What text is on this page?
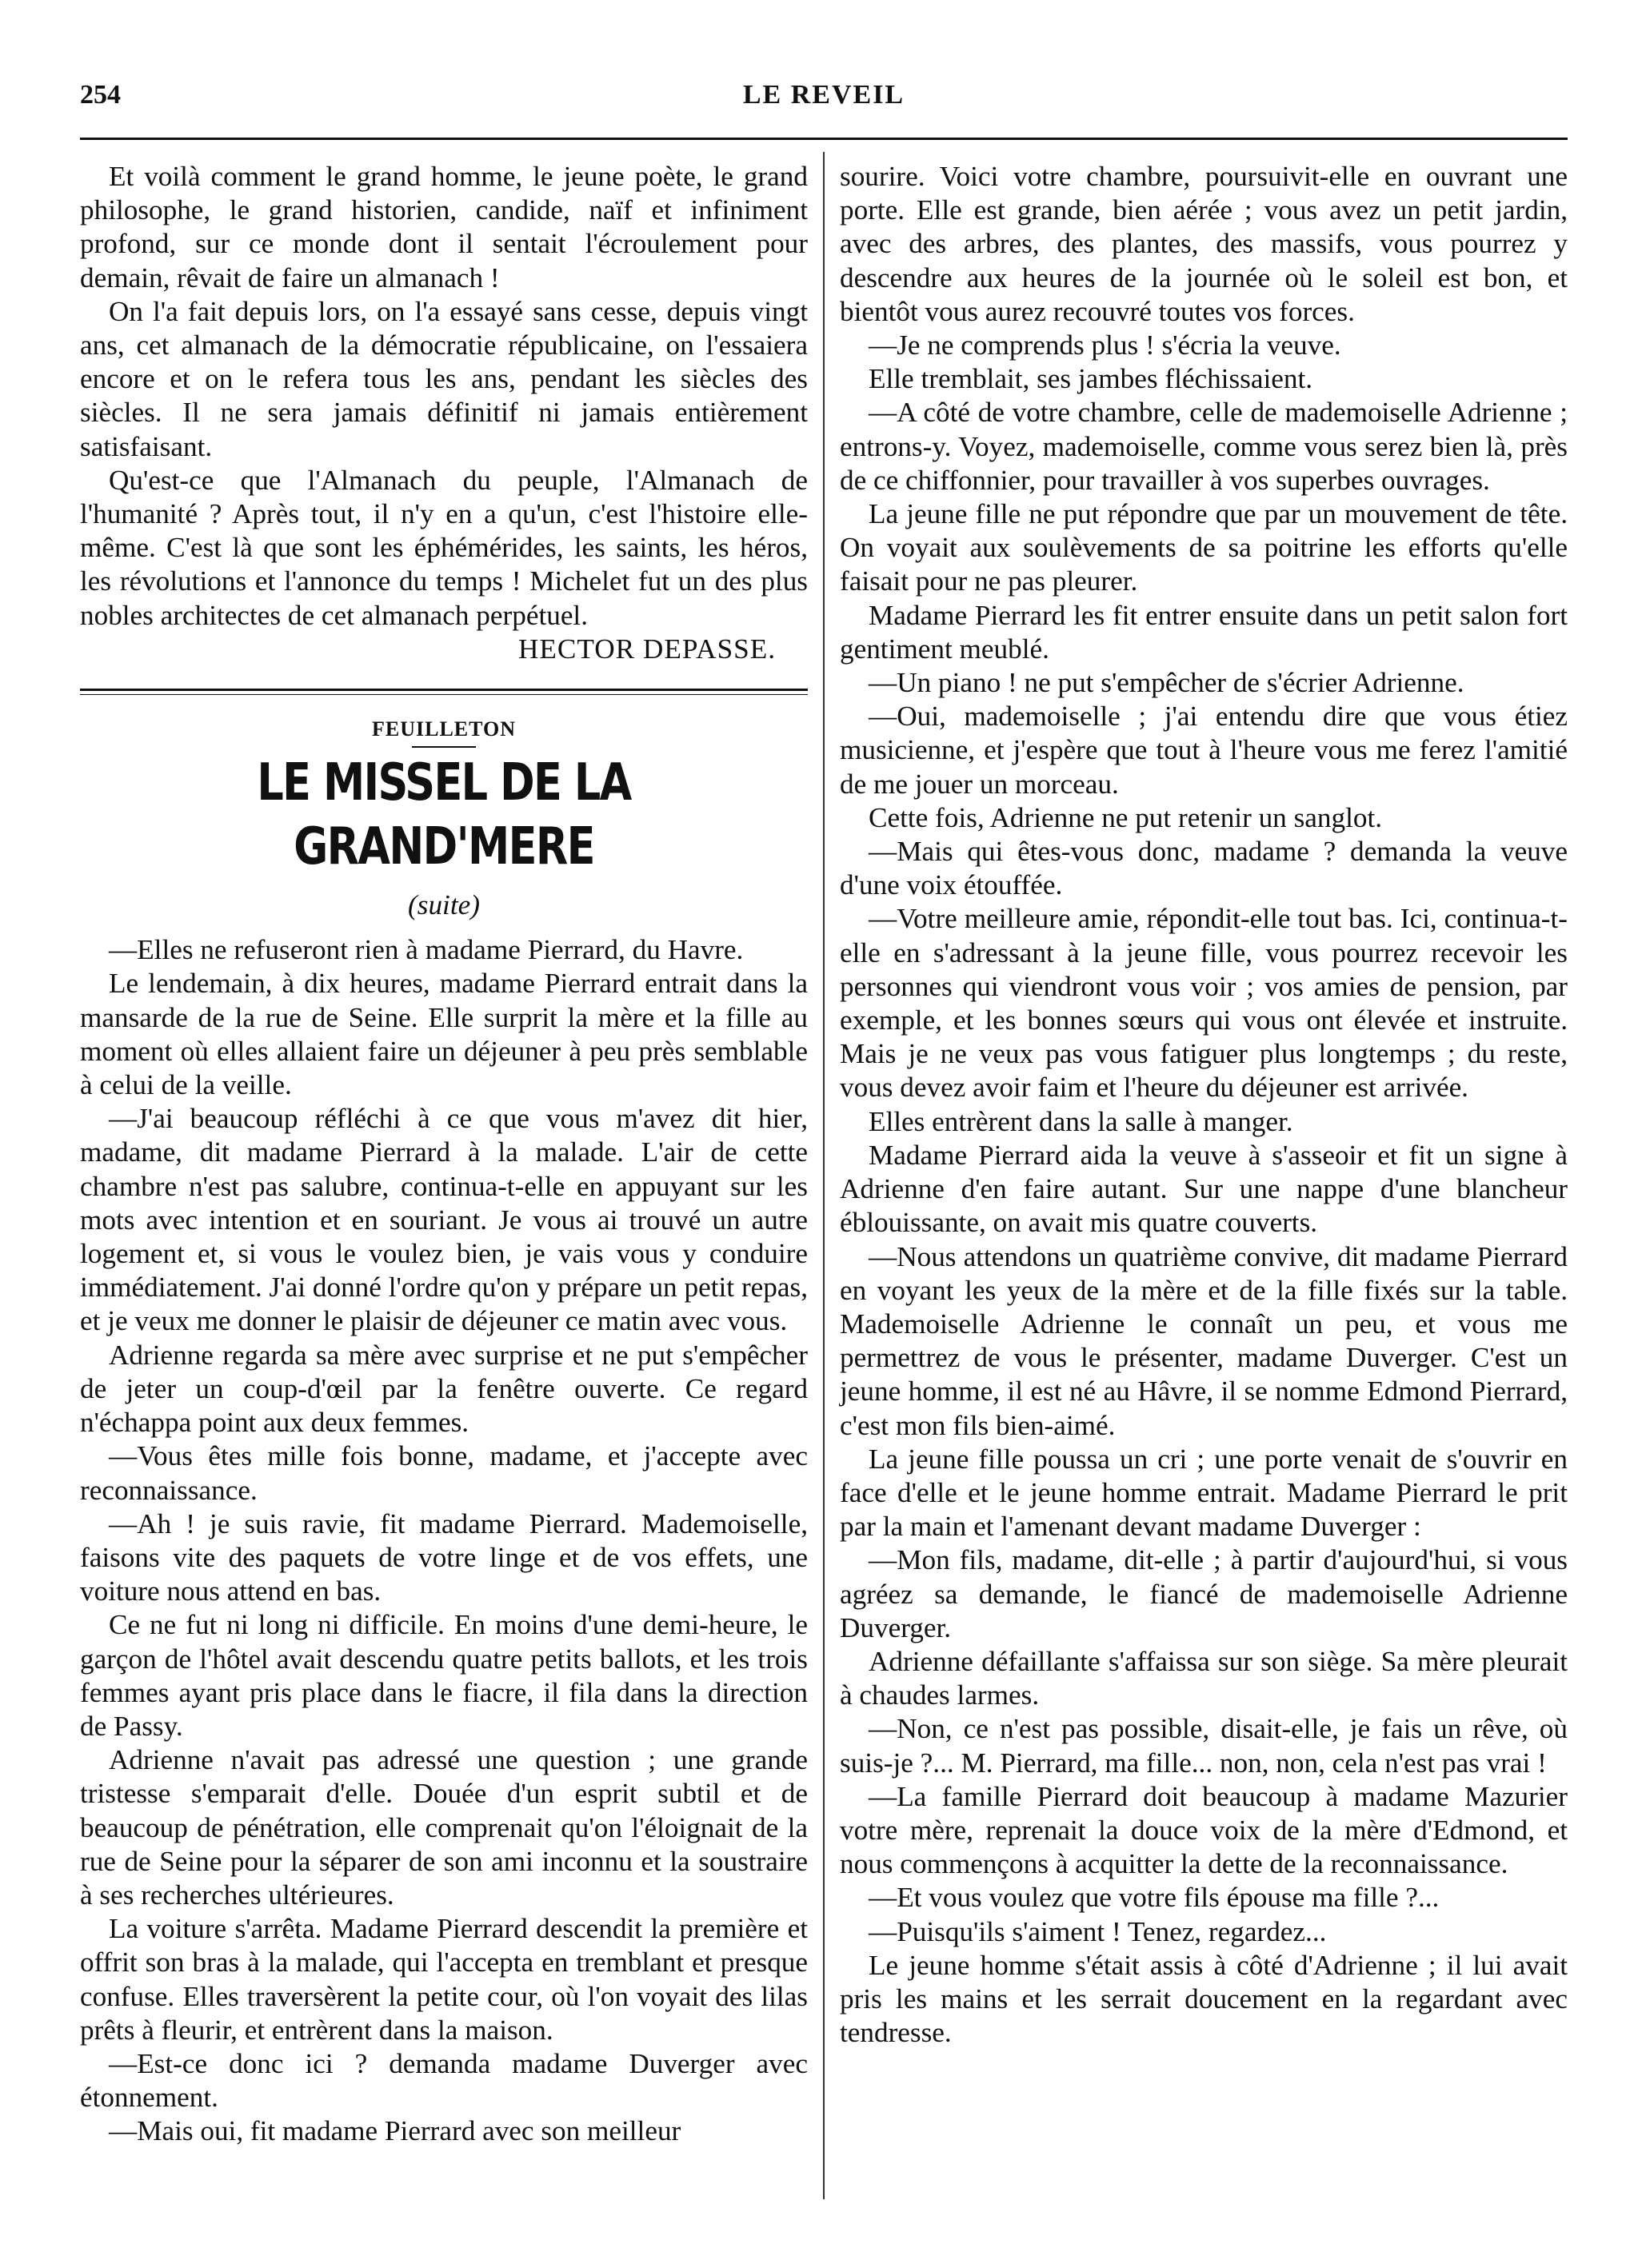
254	LE REVEIL

Et voilà comment le grand homme, le jeune poète, le grand philosophe, le grand historien, candide, naïf et infiniment profond, sur ce monde dont il sentait l'écroulement pour demain, rêvait de faire un almanach !

On l'a fait depuis lors, on l'a essayé sans cesse, depuis vingt ans, cet almanach de la démocratie républicaine, on l'essaiera encore et on le refera tous les ans, pendant les siècles des siècles. Il ne sera jamais définitif ni jamais entièrement satisfaisant.

Qu'est-ce que l'Almanach du peuple, l'Almanach de l'humanité ? Après tout, il n'y en a qu'un, c'est l'histoire elle-même. C'est là que sont les éphémérides, les saints, les héros, les révolutions et l'annonce du temps ! Michelet fut un des plus nobles architectes de cet almanach perpétuel.

HECTOR DEPASSE.

FEUILLETON
LE MISSEL DE LA GRAND'MERE
(suite)

—Elles ne refuseront rien à madame Pierrard, du Havre.

Le lendemain, à dix heures, madame Pierrard entrait dans la mansarde de la rue de Seine. Elle surprit la mère et la fille au moment où elles allaient faire un déjeuner à peu près semblable à celui de la veille.

—J'ai beaucoup réfléchi à ce que vous m'avez dit hier, madame, dit madame Pierrard à la malade. L'air de cette chambre n'est pas salubre, continua-t-elle en appuyant sur les mots avec intention et en souriant. Je vous ai trouvé un autre logement et, si vous le voulez bien, je vais vous y conduire immédiatement. J'ai donné l'ordre qu'on y prépare un petit repas, et je veux me donner le plaisir de déjeuner ce matin avec vous.

Adrienne regarda sa mère avec surprise et ne put s'empêcher de jeter un coup-d'œil par la fenêtre ouverte. Ce regard n'échappa point aux deux femmes.

—Vous êtes mille fois bonne, madame, et j'accepte avec reconnaissance.

—Ah ! je suis ravie, fit madame Pierrard. Mademoiselle, faisons vite des paquets de votre linge et de vos effets, une voiture nous attend en bas.

Ce ne fut ni long ni difficile. En moins d'une demi-heure, le garçon de l'hôtel avait descendu quatre petits ballots, et les trois femmes ayant pris place dans le fiacre, il fila dans la direction de Passy.

Adrienne n'avait pas adressé une question ; une grande tristesse s'emparait d'elle. Douée d'un esprit subtil et de beaucoup de pénétration, elle comprenait qu'on l'éloignait de la rue de Seine pour la séparer de son ami inconnu et la soustraire à ses recherches ultérieures.

La voiture s'arrêta. Madame Pierrard descendit la première et offrit son bras à la malade, qui l'accepta en tremblant et presque confuse. Elles traversèrent la petite cour, où l'on voyait des lilas prêts à fleurir, et entrèrent dans la maison.

—Est-ce donc ici ? demanda madame Duverger avec étonnement.

—Mais oui, fit madame Pierrard avec son meilleur

sourire. Voici votre chambre, poursuivit-elle en ouvrant une porte. Elle est grande, bien aérée ; vous avez un petit jardin, avec des arbres, des plantes, des massifs, vous pourrez y descendre aux heures de la journée où le soleil est bon, et bientôt vous aurez recouvré toutes vos forces.

—Je ne comprends plus ! s'écria la veuve.

Elle tremblait, ses jambes fléchissaient.

—A côté de votre chambre, celle de mademoiselle Adrienne ; entrons-y. Voyez, mademoiselle, comme vous serez bien là, près de ce chiffonnier, pour travailler à vos superbes ouvrages.

La jeune fille ne put répondre que par un mouvement de tête. On voyait aux soulèvements de sa poitrine les efforts qu'elle faisait pour ne pas pleurer.

Madame Pierrard les fit entrer ensuite dans un petit salon fort gentiment meublé.

—Un piano ! ne put s'empêcher de s'écrier Adrienne.

—Oui, mademoiselle ; j'ai entendu dire que vous étiez musicienne, et j'espère que tout à l'heure vous me ferez l'amitié de me jouer un morceau.

Cette fois, Adrienne ne put retenir un sanglot.

—Mais qui êtes-vous donc, madame ? demanda la veuve d'une voix étouffée.

—Votre meilleure amie, répondit-elle tout bas. Ici, continua-t-elle en s'adressant à la jeune fille, vous pourrez recevoir les personnes qui viendront vous voir ; vos amies de pension, par exemple, et les bonnes sœurs qui vous ont élevée et instruite. Mais je ne veux pas vous fatiguer plus longtemps ; du reste, vous devez avoir faim et l'heure du déjeuner est arrivée.

Elles entrèrent dans la salle à manger.

Madame Pierrard aida la veuve à s'asseoir et fit un signe à Adrienne d'en faire autant. Sur une nappe d'une blancheur éblouissante, on avait mis quatre couverts.

—Nous attendons un quatrième convive, dit madame Pierrard en voyant les yeux de la mère et de la fille fixés sur la table. Mademoiselle Adrienne le connaît un peu, et vous me permettrez de vous le présenter, madame Duverger. C'est un jeune homme, il est né au Hâvre, il se nomme Edmond Pierrard, c'est mon fils bien-aimé.

La jeune fille poussa un cri ; une porte venait de s'ouvrir en face d'elle et le jeune homme entrait. Madame Pierrard le prit par la main et l'amenant devant madame Duverger :

—Mon fils, madame, dit-elle ; à partir d'aujourd'hui, si vous agréez sa demande, le fiancé de mademoiselle Adrienne Duverger.

Adrienne défaillante s'affaissa sur son siège. Sa mère pleurait à chaudes larmes.

—Non, ce n'est pas possible, disait-elle, je fais un rêve, où suis-je ?... M. Pierrard, ma fille... non, non, cela n'est pas vrai !

—La famille Pierrard doit beaucoup à madame Mazurier votre mère, reprenait la douce voix de la mère d'Edmond, et nous commençons à acquitter la dette de la reconnaissance.

—Et vous voulez que votre fils épouse ma fille ?...

—Puisqu'ils s'aiment ! Tenez, regardez...

Le jeune homme s'était assis à côté d'Adrienne ; il lui avait pris les mains et les serrait doucement en la regardant avec tendresse.
